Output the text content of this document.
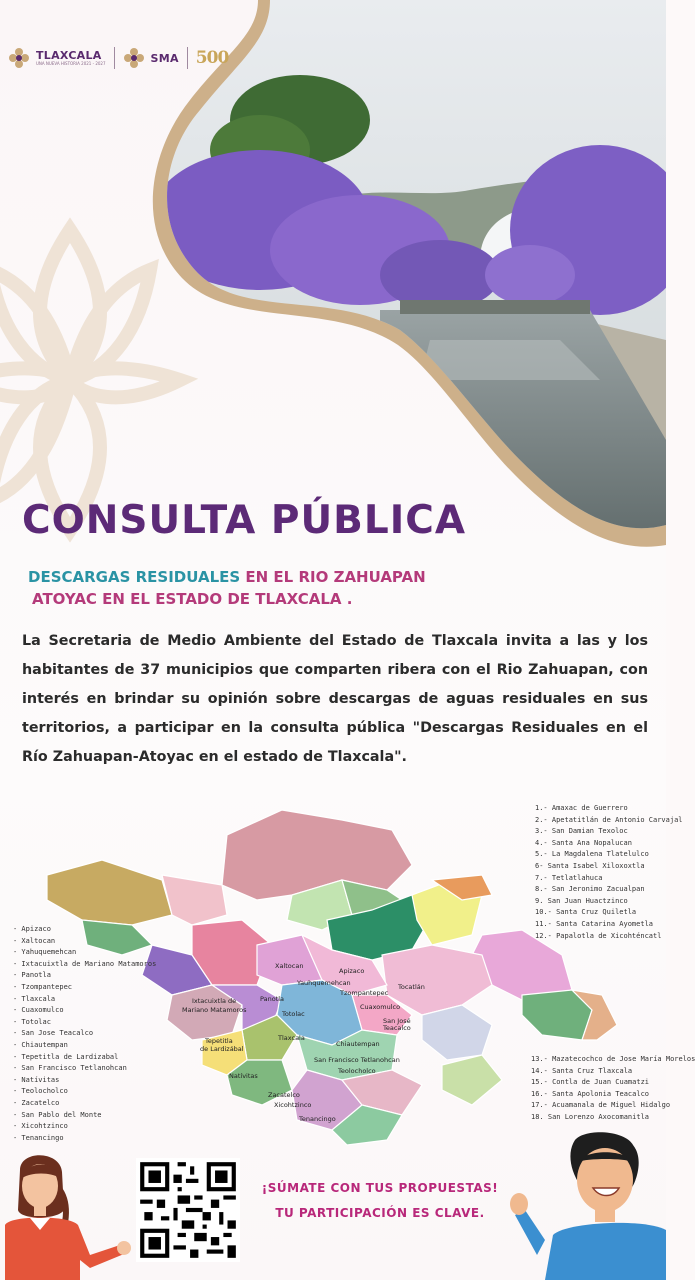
TLAXCALA
UNA NUEVA HISTORIA 2021 - 2027	SMA 500
CONSULTA PÚBLICA
DESCARGAS RESIDUALES EN EL RIO ZAHUAPAN
ATOYAC EN EL ESTADO DE TLAXCALA .
La Secretaria de Medio Ambiente del Estado de Tlaxcala invita a las y los habitantes de 37 municipios que comparten ribera con el Rio Zahuapan, con interés en brindar su opinión sobre descargas de aguas residuales en sus territorios, a participar en la consulta pública "Descargas Residuales en el Río Zahuapan-Atoyac en el estado de Tlaxcala".
Xaltocan
Apizaco
Yauhquemehcan	Tocatlán
Tzompantepec
Panotla
Ixtacuixtla de
Mariano Matamoros	Cuaxomulco
Totolac
San José
Teacalco
Tepetitla
de Lardizábal
Tlaxcala
Chiautempan
San Francisco Tetlanohcan
Teolocholco
Natívitas
Zacatelco
Xicohtzinco
Tenancingo
- Apizaco
- Xaltocan
- Yahuquemehcan
- Ixtacuixtla de Mariano Matamoros
- Panotla
- Tzompantepec
- Tlaxcala
- Cuaxomulco
- Totolac
- San Jose Teacalco
- Chiautempan
- Tepetitla de Lardizabal
- San Francisco Tetlanohcan
- Natívitas
- Teolocholco
- Zacatelco
- San Pablo del Monte
- Xicohtzinco
- Tenancingo
1.- Amaxac de Guerrero
2.- Apetatitlán de Antonio Carvajal
3.- San Damian Texoloc
4.- Santa Ana Nopalucan
5.- La Magdalena Tlatelulco
6- Santa Isabel Xiloxoxtla
7.- Tetlatlahuca
8.- San Jeronimo Zacualpan
9. San Juan Huactzinco
10.- Santa Cruz Quiletla
11.- Santa Catarina Ayometla
12.- Papalotla de Xicohténcatl
13.- Mazatecochco de Jose María Morelos
14.- Santa Cruz Tlaxcala
15.- Contla de Juan Cuamatzi
16.- Santa Apolonia Teacalco
17.- Acuamanala de Miguel Hidalgo
18. San Lorenzo Axocomanitla
¡SÚMATE CON TUS PROPUESTAS!
TU PARTICIPACIÓN ES CLAVE.
